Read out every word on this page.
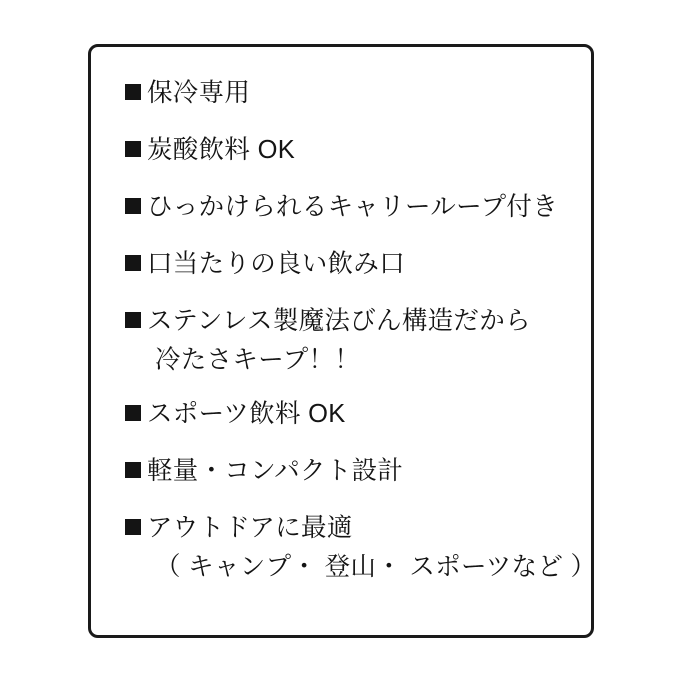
保冷専用
炭酸飲料 OK
ひっかけられるキャリーループ付き
口当たりの良い飲み口
ステンレス製魔法びん構造だから
冷たさキープ！！
スポーツ飲料 OK
軽量・コンパクト設計
アウトドアに最適
（ キャンプ・ 登山・ スポーツなど ）
